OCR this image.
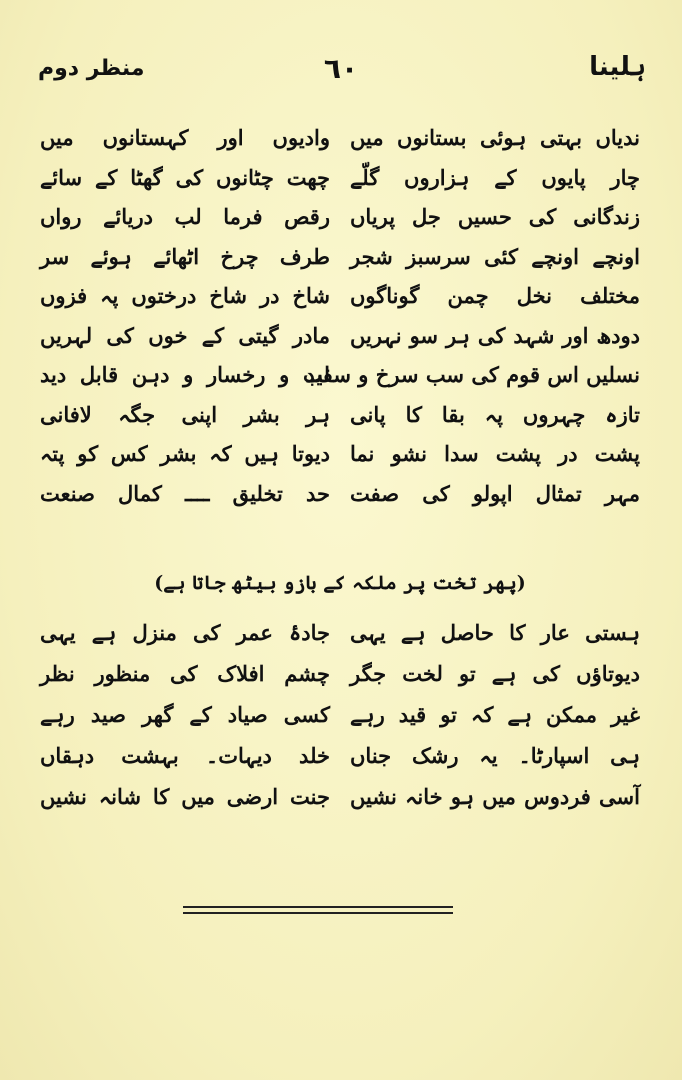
منظر دوم	٦٠	ہلینا
ندیاں بہتی ہوئی بستانوں میں
وادیوں اور کہستانوں میں
چار پایوں کے ہزاروں گلّے
چھت چٹانوں کی گھٹا کے سائے
زندگانی کی حسیں جل پریاں
رقص فرما لب دریائے رواں
اونچے اونچے کئی سرسبز شجر
طرف چرخ اٹھائے ہوئے سر
مختلف نخل چمن گوناگوں
شاخ در شاخ درختوں پہ فزوں
دودھ اور شہد کی ہر سو نہریں
مادر گیتی کے خوں کی لہریں
نسلیں اس قوم کی سب سرخ و سفید
لب و رخسار و دہن قابل دید
تازہ چہروں پہ بقا کا پانی
ہر بشر اپنی جگہ لافانی
پشت در پشت سدا نشو نما
دیوتا ہیں کہ بشر کس کو پتہ
مہر تمثال اپولو کی صفت
حد تخلیق ــــ کمال صنعت
(پھر تخت پر ملکہ کے بازو بیٹھ جاتا ہے)
ہستی عار کا حاصل ہے یہی
جادۂ عمر کی منزل ہے یہی
دیوتاؤں کی ہے تو لخت جگر
چشم افلاک کی منظور نظر
غیر ممکن ہے کہ تو قید رہے
کسی صیاد کے گھر صید رہے
ہی اسپارٹا۔ یہ رشک جناں
خلد دیہات۔ بہشت دہقاں
آسی فردوس میں ہو خانہ نشیں
جنت ارضی میں کا شانہ نشیں
